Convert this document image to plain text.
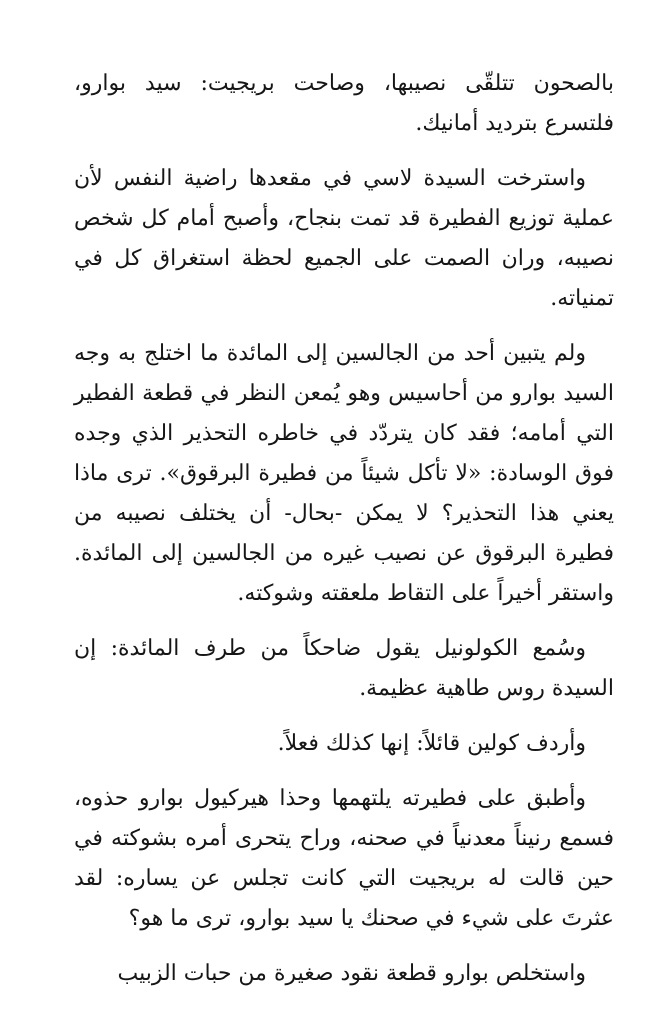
بالصحون تتلقّى نصيبها، وصاحت بريجيت: سيد بوارو، فلتسرع بترديد أمانيك.

واسترخت السيدة لاسي في مقعدها راضية النفس لأن عملية توزيع الفطيرة قد تمت بنجاح، وأصبح أمام كل شخص نصيبه، وران الصمت على الجميع لحظة استغراق كل في تمنياته.

ولم يتبين أحد من الجالسين إلى المائدة ما اختلج به وجه السيد بوارو من أحاسيس وهو يُمعن النظر في قطعة الفطير التي أمامه؛ فقد كان يتردّد في خاطره التحذير الذي وجده فوق الوسادة: «لا تأكل شيئاً من فطيرة البرقوق». ترى ماذا يعني هذا التحذير؟ لا يمكن -بحال- أن يختلف نصيبه من فطيرة البرقوق عن نصيب غيره من الجالسين إلى المائدة. واستقر أخيراً على التقاط ملعقته وشوكته.

وسُمع الكولونيل يقول ضاحكاً من طرف المائدة: إن السيدة روس طاهية عظيمة.

وأردف كولين قائلاً: إنها كذلك فعلاً.

وأطبق على فطيرته يلتهمها وحذا هيركيول بوارو حذوه، فسمع رنيناً معدنياً في صحنه، وراح يتحرى أمره بشوكته في حين قالت له بريجيت التي كانت تجلس عن يساره: لقد عثرتَ على شيء في صحنك يا سيد بوارو، ترى ما هو؟

واستخلص بوارو قطعة نقود صغيرة من حبات الزبيب
